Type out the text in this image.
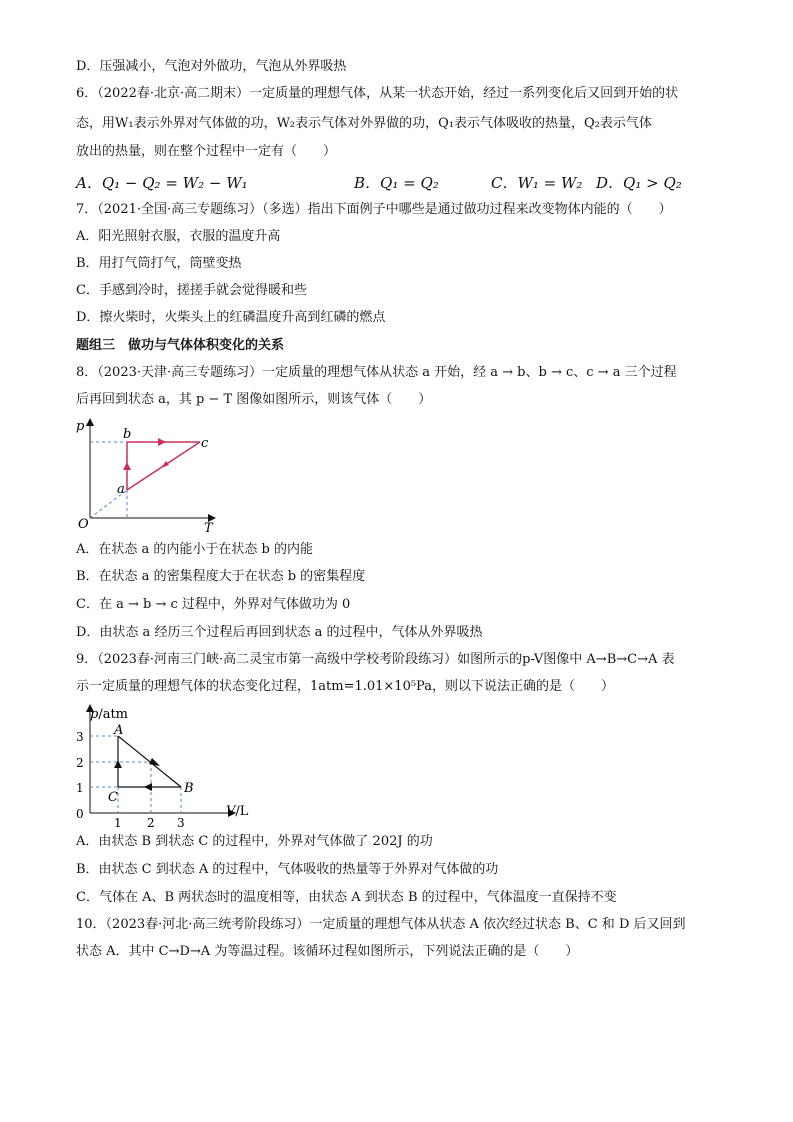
D．压强减小，气泡对外做功，气泡从外界吸热
6．（2022春·北京·高二期末）一定质量的理想气体，从某一状态开始，经过一系列变化后又回到开始的状
态，用W₁表示外界对气体做的功，W₂表示气体对外界做的功，Q₁表示气体吸收的热量，Q₂表示气体
放出的热量，则在整个过程中一定有（　　）
A．Q₁ − Q₂ = W₂ − W₁	B．Q₁ = Q₂	C．W₁ = W₂ D．Q₁ > Q₂
7．（2021·全国·高三专题练习）（多选）指出下面例子中哪些是通过做功过程来改变物体内能的（　　）
A．阳光照射衣服，衣服的温度升高
B．用打气筒打气，筒壁变热
C．手感到冷时，搓搓手就会觉得暖和些
D．擦火柴时，火柴头上的红磷温度升高到红磷的燃点
题组三　做功与气体体积变化的关系
8．（2023·天津·高三专题练习）一定质量的理想气体从状态 a 开始，经 a → b、b → c、c → a 三个过程
后再回到状态 a，其 p − T 图像如图所示，则该气体（　　）
p
T
O
a
b
c
A．在状态 a 的内能小于在状态 b 的内能
B．在状态 a 的密集程度大于在状态 b 的密集程度
C．在 a → b → c 过程中，外界对气体做功为 0
D．由状态 a 经历三个过程后再回到状态 a 的过程中，气体从外界吸热
9．（2023春·河南三门峡·高二灵宝市第一高级中学校考阶段练习）如图所示的p-V图像中 A→B→C→A 表
示一定质量的理想气体的状态变化过程，1atm=1.01×10⁵Pa，则以下说法正确的是（　　）
p/atm
V/L
3
2
1
0
1 2 3
A
B
C
A．由状态 B 到状态 C 的过程中，外界对气体做了 202J 的功
B．由状态 C 到状态 A 的过程中，气体吸收的热量等于外界对气体做的功
C．气体在 A、B 两状态时的温度相等，由状态 A 到状态 B 的过程中，气体温度一直保持不变
10．（2023春·河北·高三统考阶段练习）一定质量的理想气体从状态 A 依次经过状态 B、C 和 D 后又回到
状态 A．其中 C→D→A 为等温过程。该循环过程如图所示，下列说法正确的是（　　）
